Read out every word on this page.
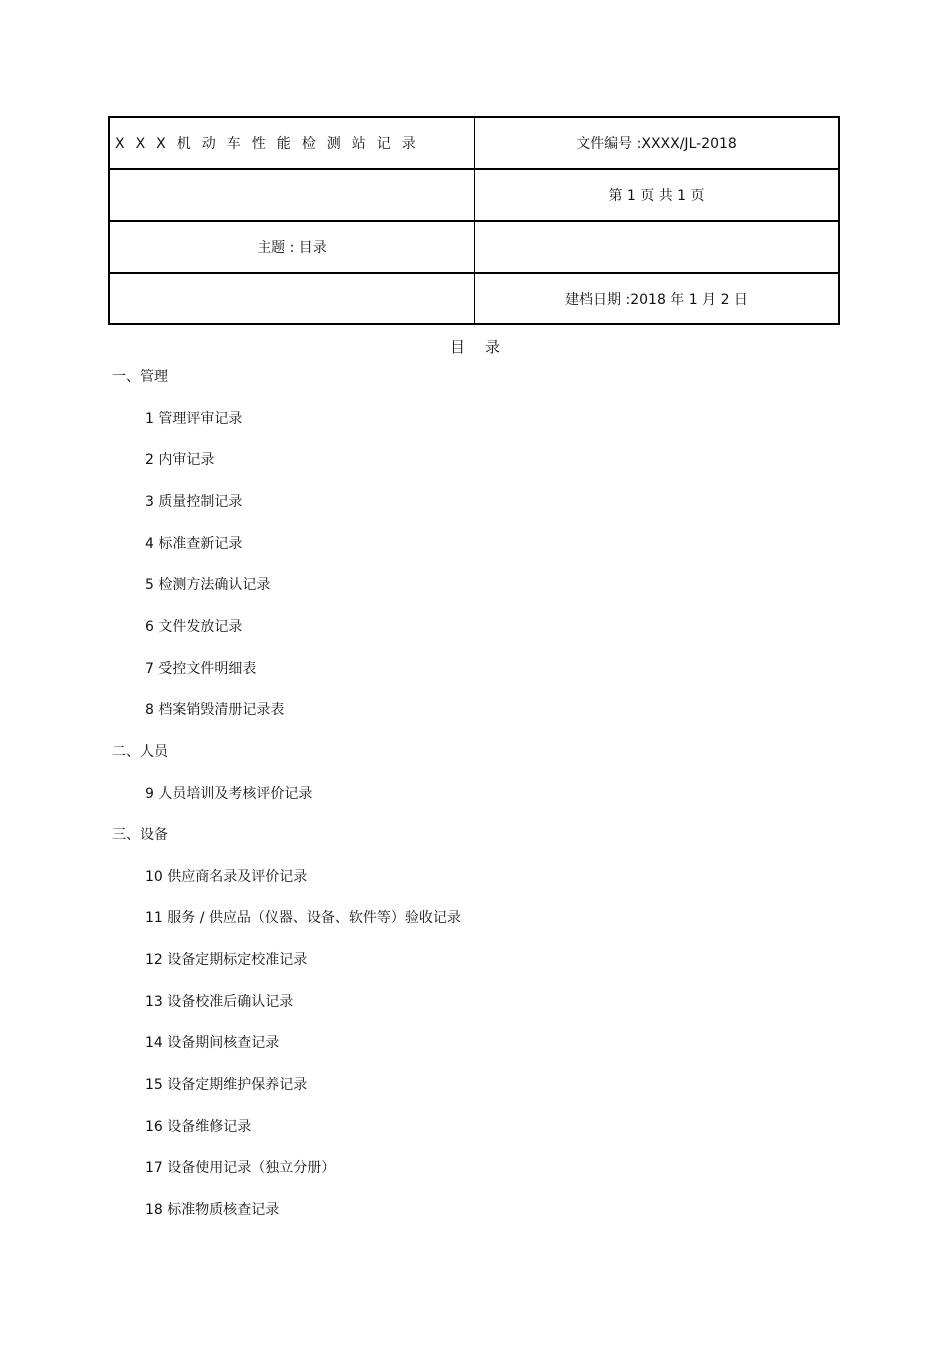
XXX机动车性能检测站记录	文件编号 :XXXX/JL-2018
第 1 页 共 1 页
主题 : 目录
建档日期 :2018 年 1 月 2 日
目录
一、管理
1 管理评审记录
2 内审记录
3 质量控制记录
4 标准查新记录
5 检测方法确认记录
6 文件发放记录
7 受控文件明细表
8 档案销毁清册记录表
二、人员
9 人员培训及考核评价记录
三、设备
10 供应商名录及评价记录
11 服务 / 供应品（仪器、设备、软件等）验收记录
12 设备定期标定校准记录
13 设备校准后确认记录
14 设备期间核查记录
15 设备定期维护保养记录
16 设备维修记录
17 设备使用记录（独立分册）
18 标准物质核查记录
